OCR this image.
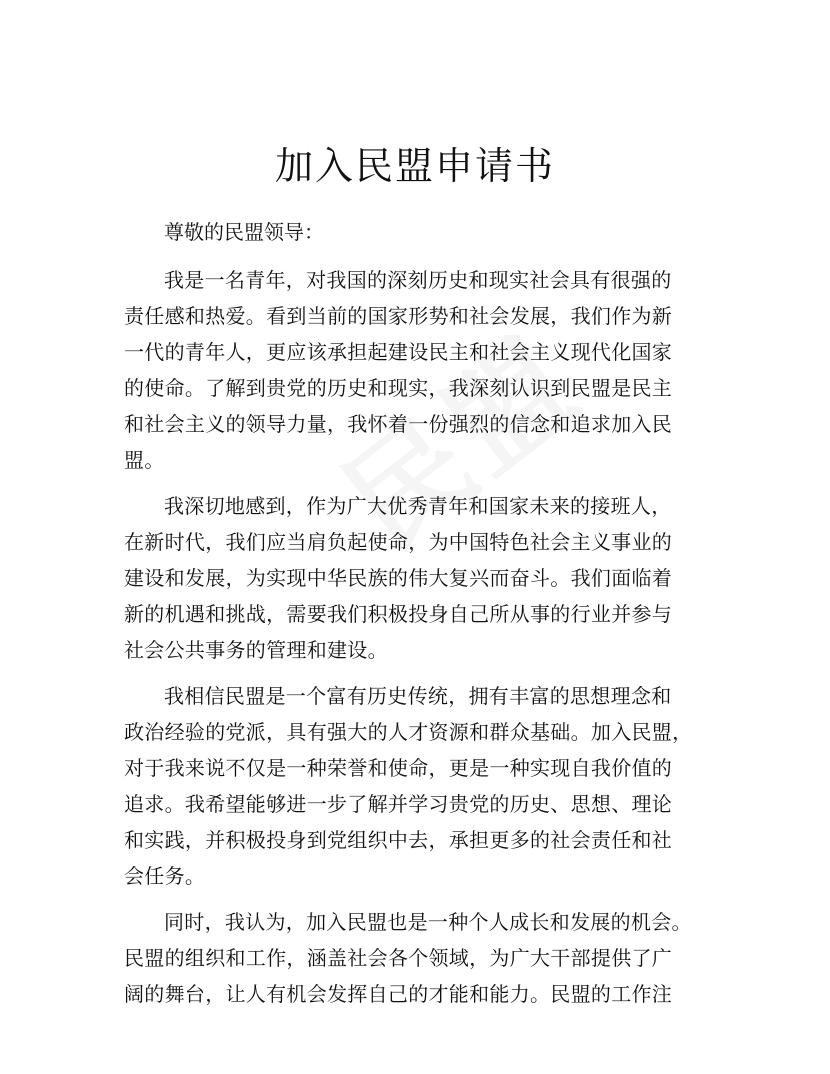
加入民盟申请书

尊敬的民盟领导：

我是一名青年，对我国的深刻历史和现实社会具有很强的

责任感和热爱。看到当前的国家形势和社会发展，我们作为新

一代的青年人，更应该承担起建设民主和社会主义现代化国家

的使命。了解到贵党的历史和现实，我深刻认识到民盟是民主

和社会主义的领导力量，我怀着一份强烈的信念和追求加入民

盟。

我深切地感到，作为广大优秀青年和国家未来的接班人，

在新时代，我们应当肩负起使命，为中国特色社会主义事业的

建设和发展，为实现中华民族的伟大复兴而奋斗。我们面临着

新的机遇和挑战，需要我们积极投身自己所从事的行业并参与

社会公共事务的管理和建设。

我相信民盟是一个富有历史传统，拥有丰富的思想理念和

政治经验的党派，具有强大的人才资源和群众基础。加入民盟，

对于我来说不仅是一种荣誉和使命，更是一种实现自我价值的

追求。我希望能够进一步了解并学习贵党的历史、思想、理论

和实践，并积极投身到党组织中去，承担更多的社会责任和社

会任务。

同时，我认为，加入民盟也是一种个人成长和发展的机会。

民盟的组织和工作，涵盖社会各个领域，为广大干部提供了广

阔的舞台，让人有机会发挥自己的才能和能力。民盟的工作注
